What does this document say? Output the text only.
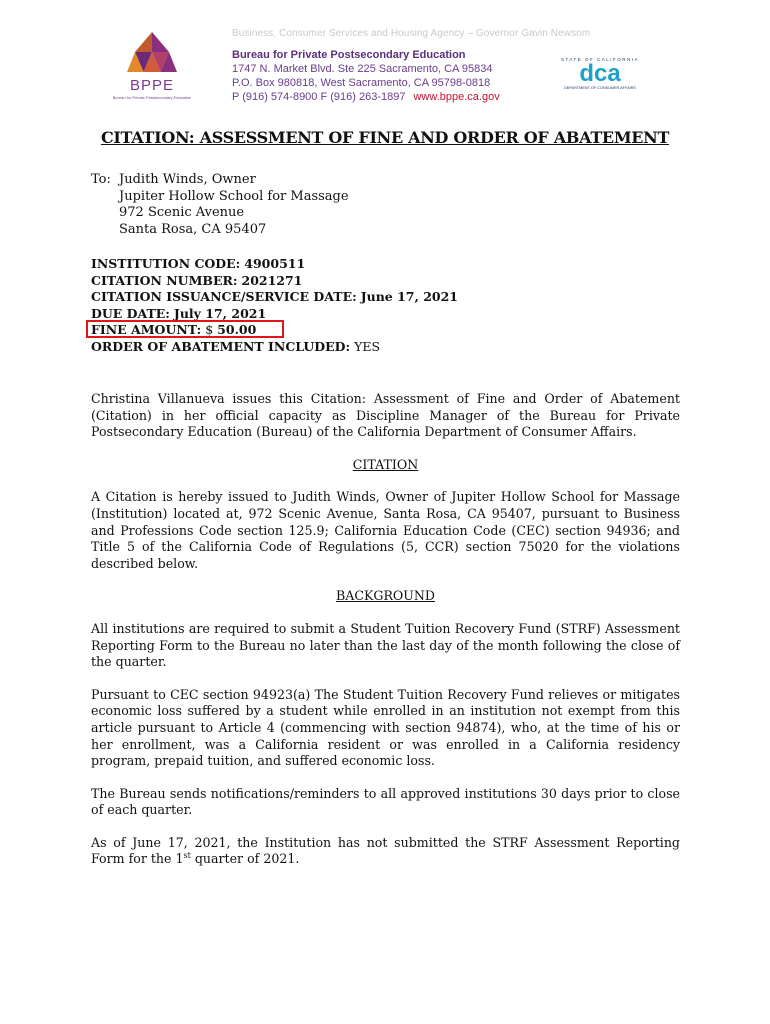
BPPE
Bureau for Private Postsecondary Education
Business, Consumer Services and Housing Agency – Governor Gavin Newsom
Bureau for Private Postsecondary Education
1747 N. Market Blvd. Ste 225 Sacramento, CA 95834
P.O. Box 980818, West Sacramento, CA 95798-0818
P (916) 574-8900 F (916) 263-1897 www.bppe.ca.gov
STATE OF CALIFORNIA
dca
DEPARTMENT OF CONSUMER AFFAIRS
CITATION: ASSESSMENT OF FINE AND ORDER OF ABATEMENT
To: Judith Winds, Owner
Jupiter Hollow School for Massage
972 Scenic Avenue
Santa Rosa, CA 95407
INSTITUTION CODE: 4900511
CITATION NUMBER: 2021271
CITATION ISSUANCE/SERVICE DATE: June 17, 2021
DUE DATE: July 17, 2021
FINE AMOUNT: $ 50.00
ORDER OF ABATEMENT INCLUDED: YES

Christina Villanueva issues this Citation: Assessment of Fine and Order of Abatement (Citation) in her official capacity as Discipline Manager of the Bureau for Private Postsecondary Education (Bureau) of the California Department of Consumer Affairs.

CITATION

A Citation is hereby issued to Judith Winds, Owner of Jupiter Hollow School for Massage (Institution) located at, 972 Scenic Avenue, Santa Rosa, CA 95407, pursuant to Business and Professions Code section 125.9; California Education Code (CEC) section 94936; and Title 5 of the California Code of Regulations (5, CCR) section 75020 for the violations described below.

BACKGROUND

All institutions are required to submit a Student Tuition Recovery Fund (STRF) Assessment Reporting Form to the Bureau no later than the last day of the month following the close of the quarter.

Pursuant to CEC section 94923(a) The Student Tuition Recovery Fund relieves or mitigates economic loss suffered by a student while enrolled in an institution not exempt from this article pursuant to Article 4 (commencing with section 94874), who, at the time of his or her enrollment, was a California resident or was enrolled in a California residency program, prepaid tuition, and suffered economic loss.

The Bureau sends notifications/reminders to all approved institutions 30 days prior to close of each quarter.

As of June 17, 2021, the Institution has not submitted the STRF Assessment Reporting Form for the 1st quarter of 2021.
